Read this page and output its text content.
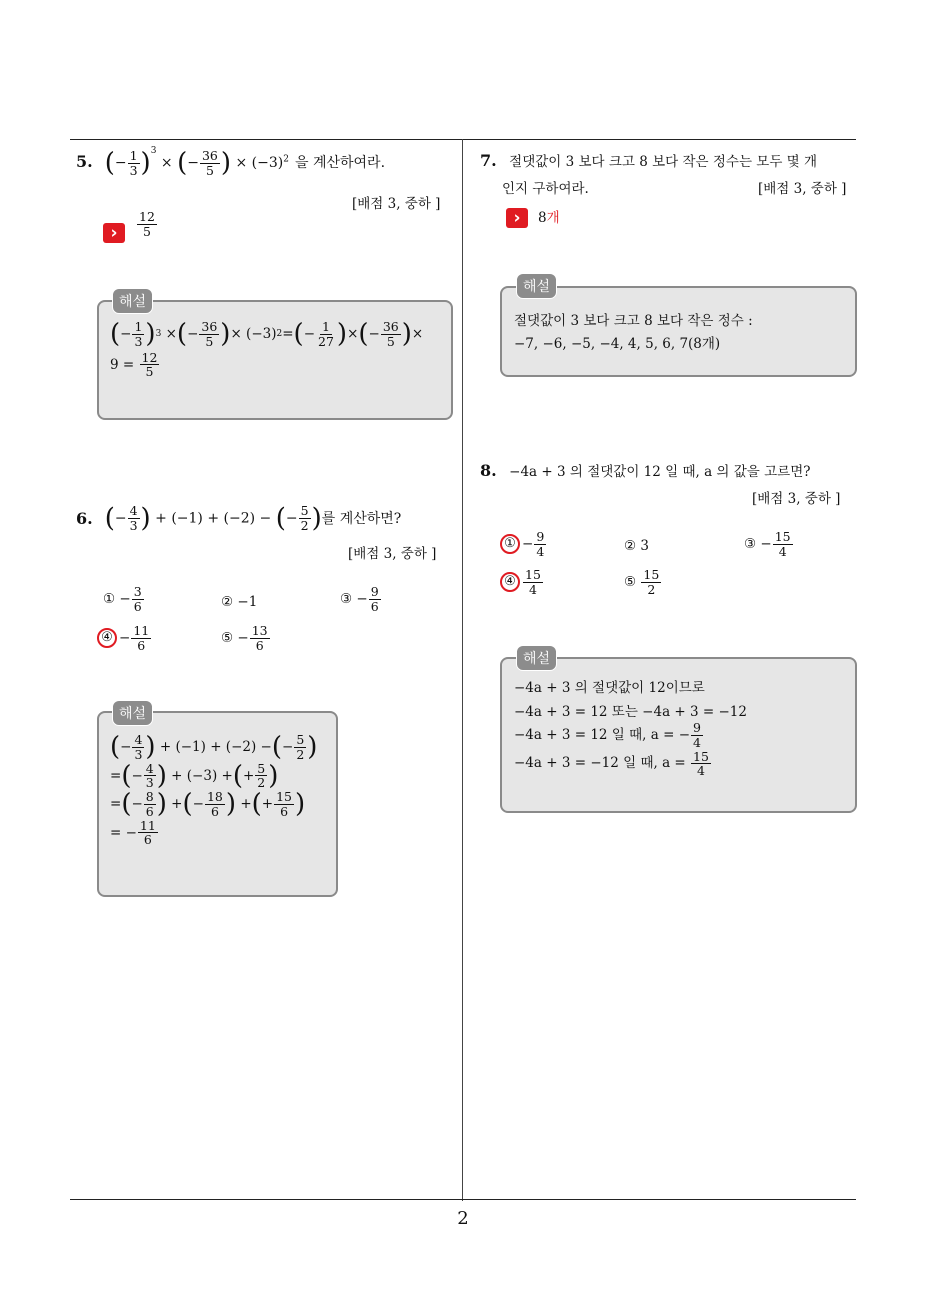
2
5. (− $\frac{1}{3} )^3$ × (− $\frac{36}{5}$ ) × $(-3)^2$ 을 계산하여라.
[배점 3, 중하 ]
›	$\frac{12}{5}$
해설
( − $\frac{1}{3}$ ) 3 × ( − $\frac{36}{5}$ ) × (−3) 2 = ( − $\frac{1}{27}$ ) × ( − $\frac{36}{5}$ ) ×
9 =
$\frac{12}{5}$
6. (− $\frac{4}{3}$ ) + (−1) + (−2) − (− $\frac{5}{2}$ ) 를 계산하면?
[배점 3, 중하 ]
① − $\frac{3}{6}$	② −1	③ − $\frac{9}{6}$
④ − $\frac{11}{6}$	⑤ − $\frac{13}{6}$
해설
( − $\frac{4}{3}$ ) + (−1) + (−2) − ( − $\frac{5}{2}$ )
= ( − $\frac{4}{3}$ ) + (−3) + ( + $\frac{5}{2}$ )
= ( − $\frac{8}{6}$ ) + ( − $\frac{18}{6}$ ) + ( + $\frac{15}{6}$ )
= − $\frac{11}{6}$
7. 절댓값이 3 보다 크고 8 보다 작은 정수는 모두 몇 개
인지 구하여라.	[배점 3, 중하 ]
›	8개
해설
절댓값이 3 보다 크고 8 보다 작은 정수 :
−7, −6, −5, −4, 4, 5, 6, 7(8개)
8. −4a + 3 의 절댓값이 12 일 때, a 의 값을 고르면?
[배점 3, 중하 ]
① − $\frac{9}{4}$	② 3	③ − $\frac{15}{4}$
④ $\frac{15}{4}$	⑤ $\frac{15}{2}$
해설
−4a + 3 의 절댓값이 12이므로
−4a + 3 = 12 또는 −4a + 3 = −12
−4a + 3 = 12 일 때, a = − $\frac{9}{4}$
−4a + 3 = −12 일 때, a =
$\frac{15}{4}$
